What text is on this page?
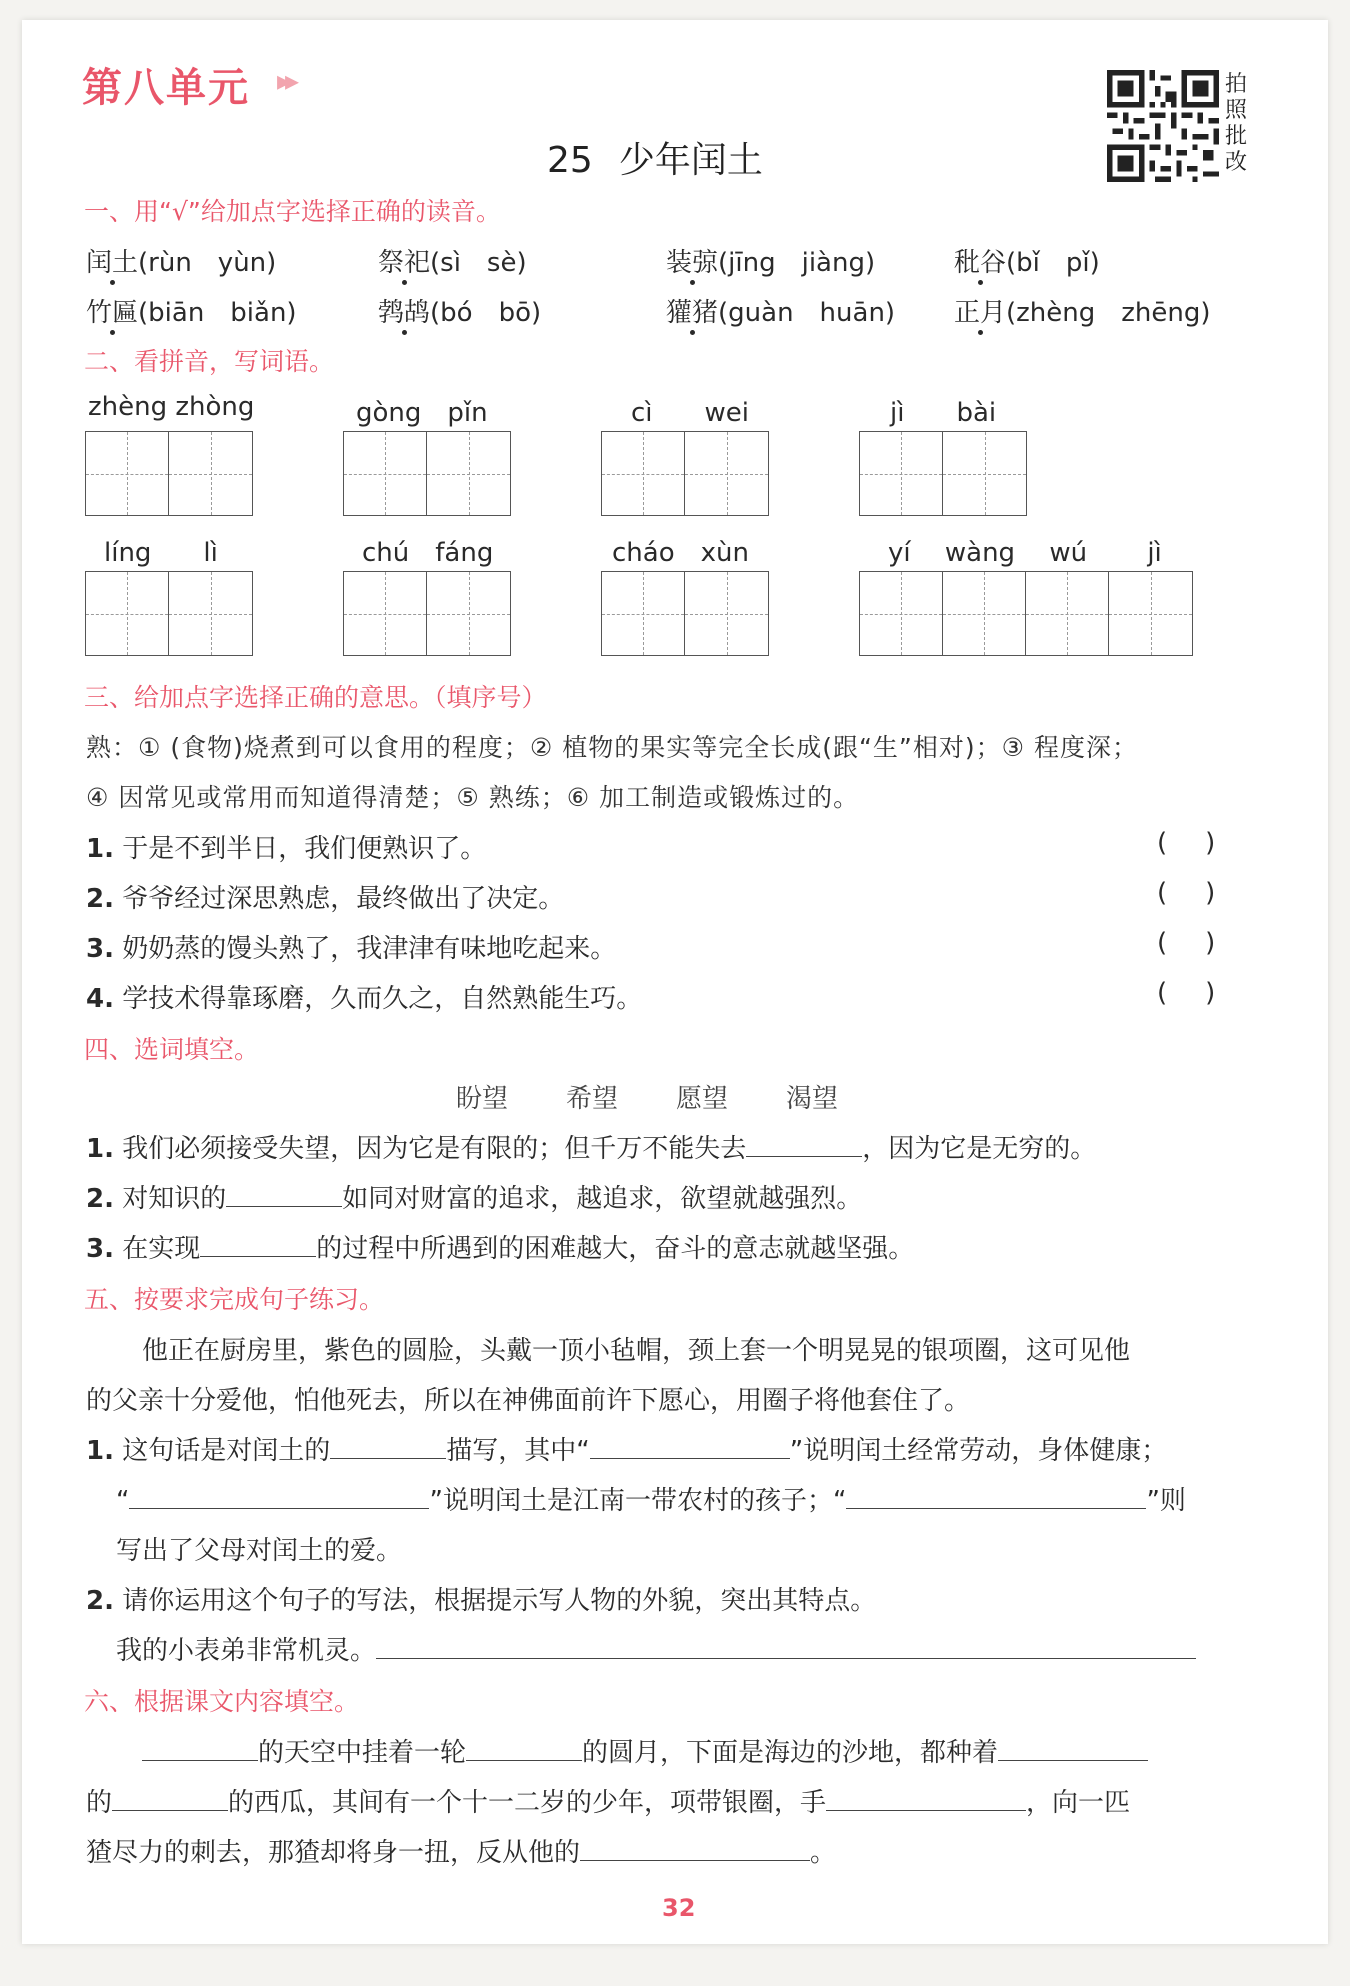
第八单元 ▸▸
25 少年闰土
拍照批改
一、用“√”给加点字选择正确的读音。
闰土(rùn　yùn)	祭祀(sì　sè)	装弶(jīng　jiàng)	秕谷(bǐ　pǐ)
竹匾(biān　biǎn)	鹁鸪(bó　bō)	獾猪(guàn　huān) 正月(zhèng　zhēng)
二、看拼音，写词语。
zhèng zhòng	gòng　pǐn	cì　　wei	jì　　bài
líng　　lì	chú　fáng	cháo　xùn	yí　 wàng　 wú　　 jì
三、给加点字选择正确的意思。（填序号）
熟：① (食物)烧煮到可以食用的程度；② 植物的果实等完全长成(跟“生”相对)；③ 程度深；
④ 因常见或常用而知道得清楚；⑤ 熟练；⑥ 加工制造或锻炼过的。
1. 于是不到半日，我们便熟识了。	()
2. 爷爷经过深思熟虑，最终做出了决定。	()
3. 奶奶蒸的馒头熟了，我津津有味地吃起来。	()
4. 学技术得靠琢磨，久而久之，自然熟能生巧。	()
四、选词填空。
盼望 希望 愿望 渴望
1. 我们必须接受失望，因为它是有限的；但千万不能失去	，因为它是无穷的。
2. 对知识的	如同对财富的追求，越追求，欲望就越强烈。
3. 在实现	的过程中所遇到的困难越大，奋斗的意志就越坚强。
五、按要求完成句子练习。
他正在厨房里，紫色的圆脸，头戴一顶小毡帽，颈上套一个明晃晃的银项圈，这可见他
的父亲十分爱他，怕他死去，所以在神佛面前许下愿心，用圈子将他套住了。
1. 这句话是对闰土的	描写，其中“	”说明闰土经常劳动，身体健康；
“	”说明闰土是江南一带农村的孩子；“	”则
写出了父母对闰土的爱。
2. 请你运用这个句子的写法，根据提示写人物的外貌，突出其特点。
我的小表弟非常机灵。
六、根据课文内容填空。
的天空中挂着一轮	的圆月，下面是海边的沙地，都种着
的	的西瓜，其间有一个十一二岁的少年，项带银圈，手	，向一匹
猹尽力的刺去，那猹却将身一扭，反从他的	。
32
